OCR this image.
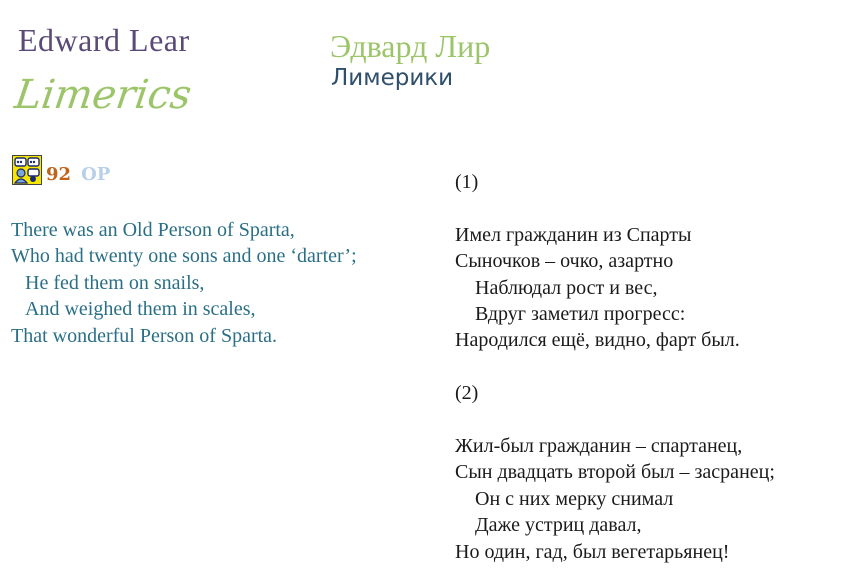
Edward Lear
Limerics
Эдвард Лир
Лимерики
92 OP
There was an Old Person of Sparta,
Who had twenty one sons and one ‘darter’;
He fed them on snails,
And weighed them in scales,
That wonderful Person of Sparta.
(1)
Имел гражданин из Спарты
Сыночков – очко, азартно
Наблюдал рост и вес,
Вдруг заметил прогресс:
Народился ещё, видно, фарт был.
(2)
Жил-был гражданин – спартанец,
Сын двадцать второй был – засранец;
Он с них мерку снимал
Даже устриц давал,
Но один, гад, был вегетарьянец!
